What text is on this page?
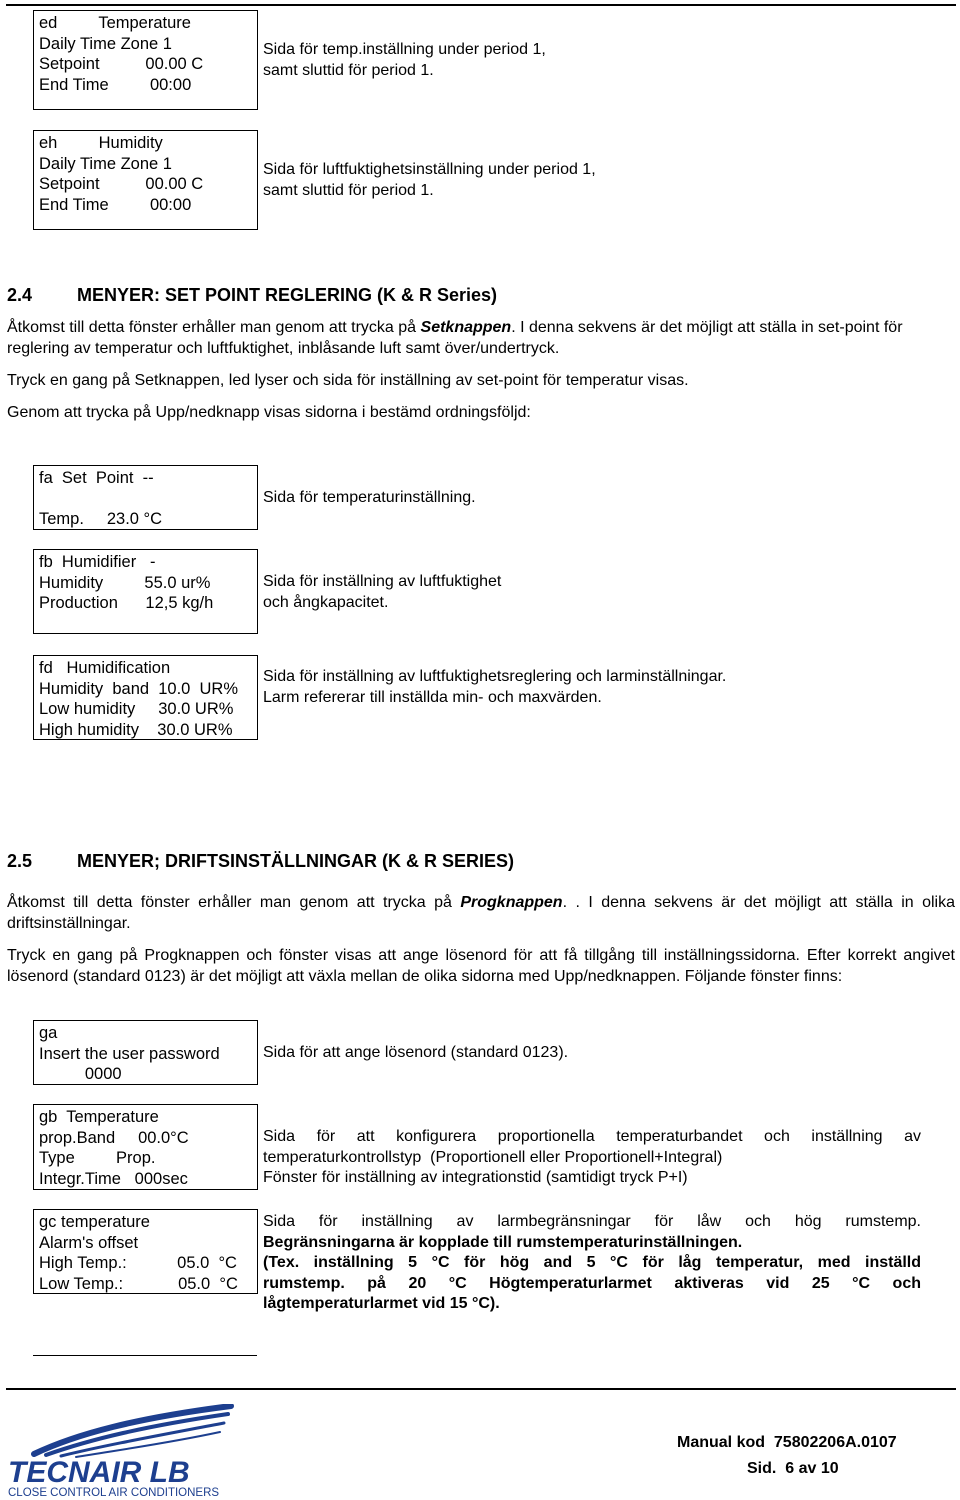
ed         Temperature
Daily Time Zone 1
Setpoint          00.00 C
End Time         00:00
Sida för temp.inställning under period 1,
samt sluttid för period 1.
eh         Humidity
Daily Time Zone 1
Setpoint          00.00 C
End Time         00:00
Sida för luftfuktighetsinställning under period 1,
samt sluttid för period 1.
2.4 MENYER: SET POINT REGLERING (K & R Series)
Åtkomst till detta fönster erhåller man genom att trycka på Setknappen. I denna sekvens är det möjligt att ställa in set-point för reglering av temperatur och luftfuktighet, inblåsande luft samt över/undertryck.
Tryck en gang på Setknappen, led lyser och sida för inställning av set-point för temperatur visas.
Genom att trycka på Upp/nedknapp visas sidorna i bestämd ordningsföljd:
fa  Set  Point  --
Temp.     23.0 °C
Sida för temperaturinställning.
fb  Humidifier   -
Humidity         55.0 ur%
Production      12,5 kg/h
Sida för inställning av luftfuktighet
och ångkapacitet.
fd   Humidification
Humidity  band  10.0  UR%
Low humidity     30.0 UR%
High humidity    30.0 UR%
Sida för inställning av luftfuktighetsreglering och larminställningar.
Larm refererar till inställda min- och maxvärden.
2.5 MENYER; DRIFTSINSTÄLLNINGAR (K & R SERIES)
Åtkomst till detta fönster erhåller man genom att trycka på Progknappen. . I denna sekvens är det möjligt att ställa in olika driftsinställningar.
Tryck en gang på Progknappen och fönster visas att ange lösenord för att få tillgång till inställningssidorna. Efter korrekt angivet lösenord (standard 0123) är det möjligt att växla mellan de olika sidorna med Upp/nedknappen. Följande fönster finns:
ga
Insert the user password
0000
Sida för att ange lösenord (standard 0123).
gb  Temperature
prop.Band     00.0°C
Type         Prop.
Integr.Time   000sec
Sida för att konfigurera proportionella temperaturbandet och inställning av
temperaturkontrollstyp  (Proportionell eller Proportionell+Integral)
Fönster för inställning av integrationstid (samtidigt tryck P+I)
gc temperature
Alarm's offset
High Temp.:           05.0  °C
Low Temp.:            05.0  °C
Sida för inställning av larmbegränsningar för låw och hög rumstemp.
Begränsningarna är kopplade till rumstemperaturinställningen.
(Tex. inställning 5 °C för hög and 5 °C för låg temperatur, med inställd
rumstemp. på 20 °C Högtemperaturlarmet aktiveras vid 25 °C och
lågtemperaturlarmet vid 15 °C).
TECNAIR LB
CLOSE CONTROL AIR CONDITIONERS
Manual kod  75802206A.0107
Sid.  6 av 10
